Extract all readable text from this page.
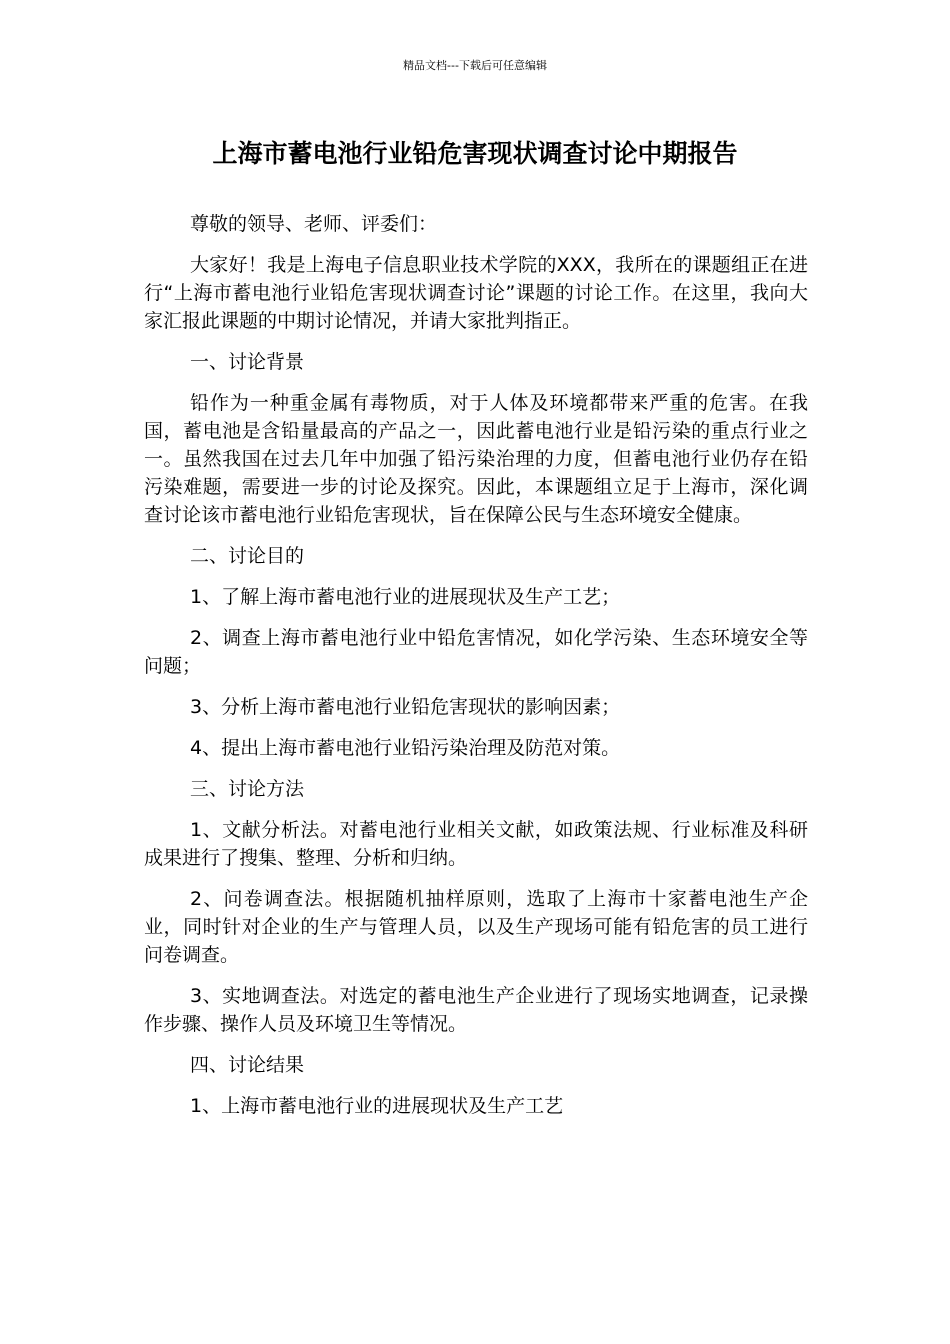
精品文档---下载后可任意编辑
上海市蓄电池行业铅危害现状调查讨论中期报告

尊敬的领导、老师、评委们：

大家好！我是上海电子信息职业技术学院的XXX，我所在的课题组正在进行“上海市蓄电池行业铅危害现状调查讨论”课题的讨论工作。在这里，我向大家汇报此课题的中期讨论情况，并请大家批判指正。

一、讨论背景

铅作为一种重金属有毒物质，对于人体及环境都带来严重的危害。在我国，蓄电池是含铅量最高的产品之一，因此蓄电池行业是铅污染的重点行业之一。虽然我国在过去几年中加强了铅污染治理的力度，但蓄电池行业仍存在铅污染难题，需要进一步的讨论及探究。因此，本课题组立足于上海市，深化调查讨论该市蓄电池行业铅危害现状，旨在保障公民与生态环境安全健康。

二、讨论目的

1、了解上海市蓄电池行业的进展现状及生产工艺；

2、调查上海市蓄电池行业中铅危害情况，如化学污染、生态环境安全等问题；

3、分析上海市蓄电池行业铅危害现状的影响因素；

4、提出上海市蓄电池行业铅污染治理及防范对策。

三、讨论方法

1、文献分析法。对蓄电池行业相关文献，如政策法规、行业标准及科研成果进行了搜集、整理、分析和归纳。

2、问卷调查法。根据随机抽样原则，选取了上海市十家蓄电池生产企业，同时针对企业的生产与管理人员，以及生产现场可能有铅危害的员工进行问卷调查。

3、实地调查法。对选定的蓄电池生产企业进行了现场实地调查，记录操作步骤、操作人员及环境卫生等情况。

四、讨论结果

1、上海市蓄电池行业的进展现状及生产工艺
